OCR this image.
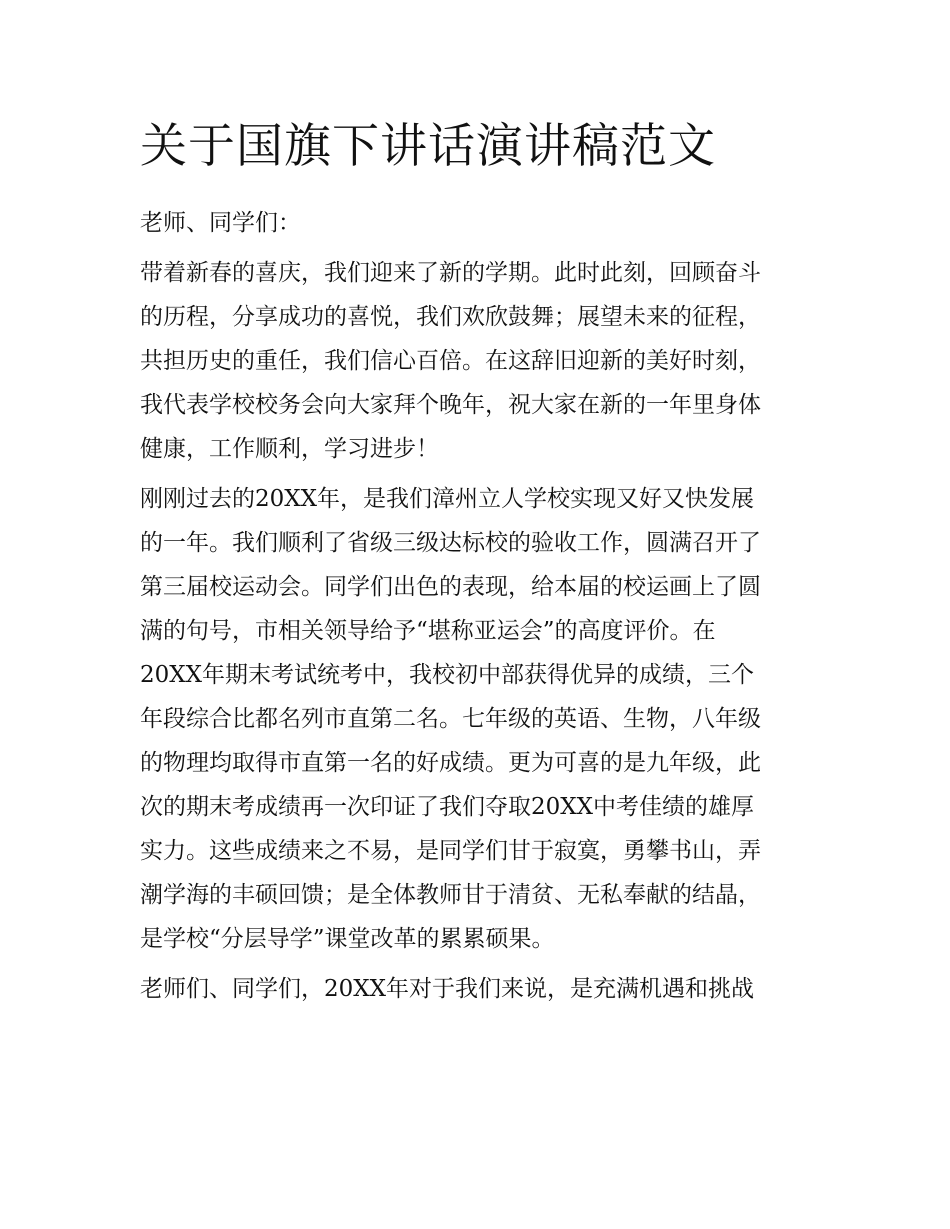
关于国旗下讲话演讲稿范文

老师、同学们：

带着新春的喜庆，我们迎来了新的学期。此时此刻，回顾奋斗

的历程，分享成功的喜悦，我们欢欣鼓舞；展望未来的征程，

共担历史的重任，我们信心百倍。在这辞旧迎新的美好时刻，

我代表学校校务会向大家拜个晚年，祝大家在新的一年里身体

健康，工作顺利，学习进步！

刚刚过去的20XX年，是我们漳州立人学校实现又好又快发展

的一年。我们顺利了省级三级达标校的验收工作，圆满召开了

第三届校运动会。同学们出色的表现，给本届的校运画上了圆

满的句号，市相关领导给予“堪称亚运会”的高度评价。在

20XX年期末考试统考中，我校初中部获得优异的成绩，三个

年段综合比都名列市直第二名。七年级的英语、生物，八年级

的物理均取得市直第一名的好成绩。更为可喜的是九年级，此

次的期末考成绩再一次印证了我们夺取20XX中考佳绩的雄厚

实力。这些成绩来之不易，是同学们甘于寂寞，勇攀书山，弄

潮学海的丰硕回馈；是全体教师甘于清贫、无私奉献的结晶，

是学校“分层导学”课堂改革的累累硕果。

老师们、同学们，20XX年对于我们来说，是充满机遇和挑战
